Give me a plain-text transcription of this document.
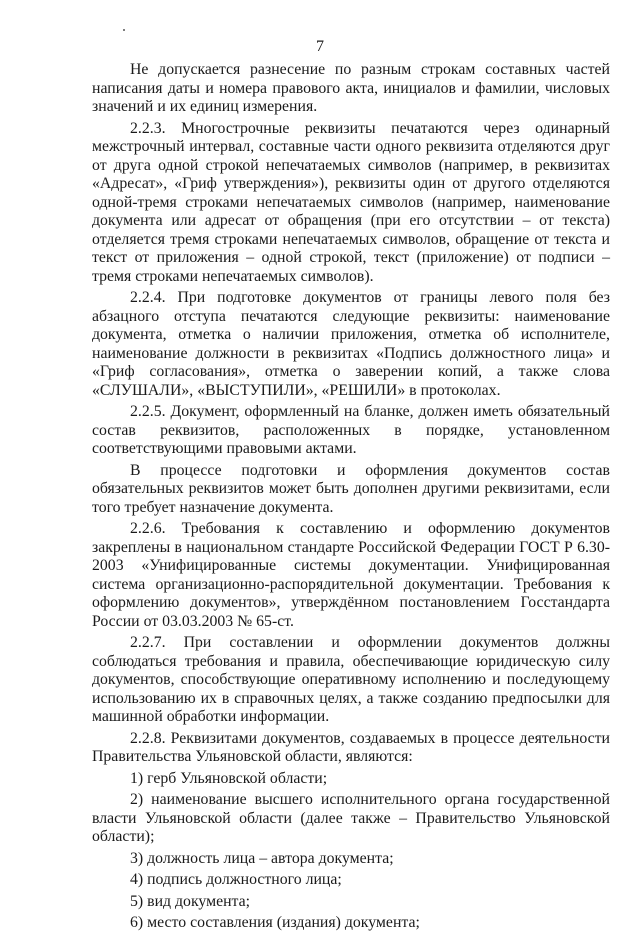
7

Не допускается разнесение по разным строкам составных частей написания даты и номера правового акта, инициалов и фамилии, числовых значений и их единиц измерения.

2.2.3. Многострочные реквизиты печатаются через одинарный межстрочный интервал, составные части одного реквизита отделяются друг от друга одной строкой непечатаемых символов (например, в реквизитах «Адресат», «Гриф утверждения»), реквизиты один от другого отделяются одной-тремя строками непечатаемых символов (например, наименование документа или адресат от обращения (при его отсутствии – от текста) отделяется тремя строками непечатаемых символов, обращение от текста и текст от приложения – одной строкой, текст (приложение) от подписи – тремя строками непечатаемых символов).

2.2.4. При подготовке документов от границы левого поля без абзацного отступа печатаются следующие реквизиты: наименование документа, отметка о наличии приложения, отметка об исполнителе, наименование должности в реквизитах «Подпись должностного лица» и «Гриф согласования», отметка о заверении копий, а также слова «СЛУШАЛИ», «ВЫСТУПИЛИ», «РЕШИЛИ» в протоколах.

2.2.5. Документ, оформленный на бланке, должен иметь обязательный состав реквизитов, расположенных в порядке, установленном соответствующими правовыми актами.

В процессе подготовки и оформления документов состав обязательных реквизитов может быть дополнен другими реквизитами, если того требует назначение документа.

2.2.6. Требования к составлению и оформлению документов закреплены в национальном стандарте Российской Федерации ГОСТ Р 6.30-2003 «Унифицированные системы документации. Унифицированная система организационно-распорядительной документации. Требования к оформлению документов», утверждённом постановлением Госстандарта России от 03.03.2003 № 65-ст.

2.2.7. При составлении и оформлении документов должны соблюдаться требования и правила, обеспечивающие юридическую силу документов, способствующие оперативному исполнению и последующему использованию их в справочных целях, а также созданию предпосылки для машинной обработки информации.

2.2.8. Реквизитами документов, создаваемых в процессе деятельности Правительства Ульяновской области, являются:

1) герб Ульяновской области;

2) наименование высшего исполнительного органа государственной власти Ульяновской области (далее также – Правительство Ульяновской области);

3) должность лица – автора документа;

4) подпись должностного лица;

5) вид документа;

6) место составления (издания) документа;
